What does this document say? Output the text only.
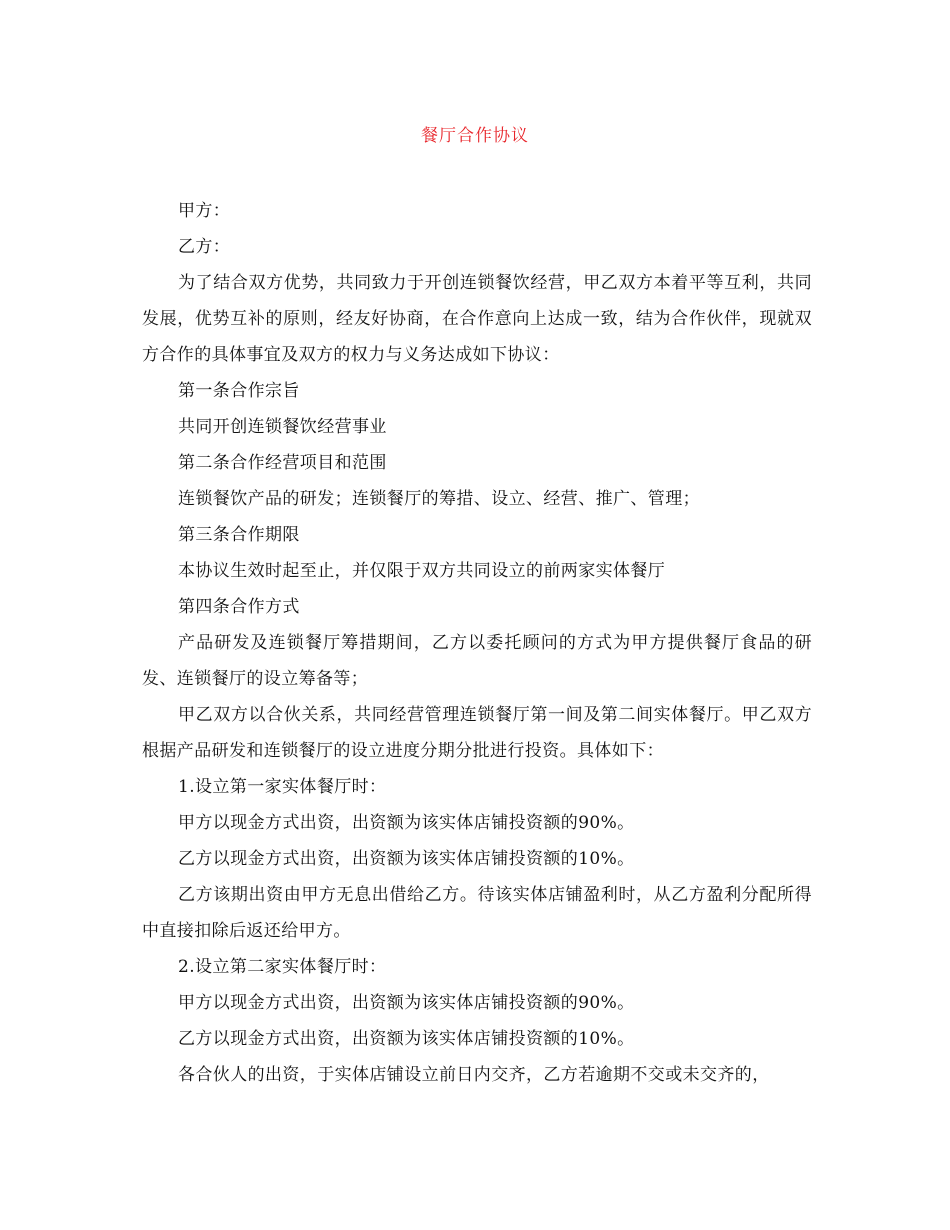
餐厅合作协议

甲方：

乙方：

为了结合双方优势，共同致力于开创连锁餐饮经营，甲乙双方本着平等互利，共同发展，优势互补的原则，经友好协商，在合作意向上达成一致，结为合作伙伴，现就双方合作的具体事宜及双方的权力与义务达成如下协议：

第一条合作宗旨

共同开创连锁餐饮经营事业

第二条合作经营项目和范围

连锁餐饮产品的研发；连锁餐厅的筹措、设立、经营、推广、管理；

第三条合作期限

本协议生效时起至止，并仅限于双方共同设立的前两家实体餐厅

第四条合作方式

产品研发及连锁餐厅筹措期间，乙方以委托顾问的方式为甲方提供餐厅食品的研发、连锁餐厅的设立筹备等；

甲乙双方以合伙关系，共同经营管理连锁餐厅第一间及第二间实体餐厅。甲乙双方根据产品研发和连锁餐厅的设立进度分期分批进行投资。具体如下：

1.设立第一家实体餐厅时：

甲方以现金方式出资，出资额为该实体店铺投资额的90%。

乙方以现金方式出资，出资额为该实体店铺投资额的10%。

乙方该期出资由甲方无息出借给乙方。待该实体店铺盈利时，从乙方盈利分配所得中直接扣除后返还给甲方。

2.设立第二家实体餐厅时：

甲方以现金方式出资，出资额为该实体店铺投资额的90%。

乙方以现金方式出资，出资额为该实体店铺投资额的10%。

各合伙人的出资，于实体店铺设立前日内交齐，乙方若逾期不交或未交齐的，
